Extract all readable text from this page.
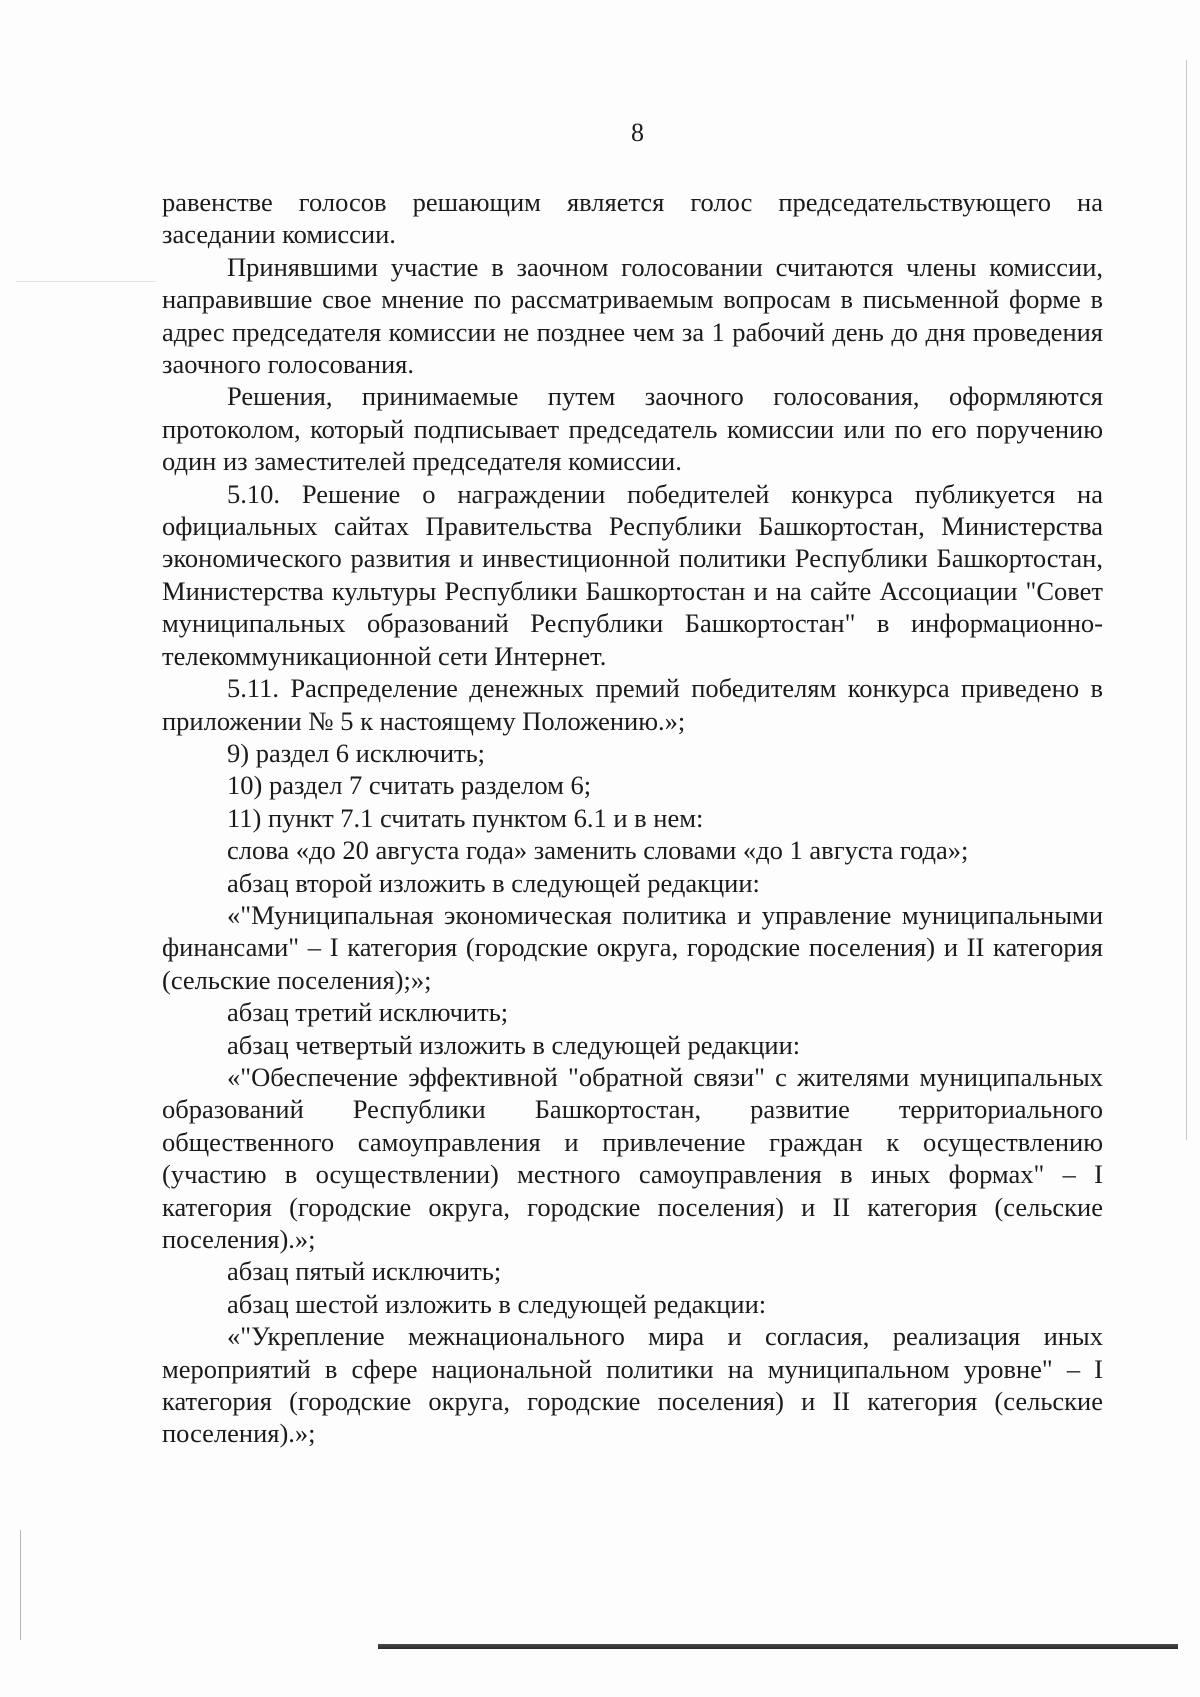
8

равенстве голосов решающим является голос председательствующего на заседании комиссии.

Принявшими участие в заочном голосовании считаются члены комиссии, направившие свое мнение по рассматриваемым вопросам в письменной форме в адрес председателя комиссии не позднее чем за 1 рабочий день до дня проведения заочного голосования.

Решения, принимаемые путем заочного голосования, оформляются протоколом, который подписывает председатель комиссии или по его поручению один из заместителей председателя комиссии.

5.10. Решение о награждении победителей конкурса публикуется на официальных сайтах Правительства Республики Башкортостан, Министерства экономического развития и инвестиционной политики Республики Башкортостан, Министерства культуры Республики Башкортостан и на сайте Ассоциации "Совет муниципальных образований Республики Башкортостан" в информационно-телекоммуникационной сети Интернет.

5.11. Распределение денежных премий победителям конкурса приведено в приложении № 5 к настоящему Положению.»;

9) раздел 6 исключить;

10) раздел 7 считать разделом 6;

11) пункт 7.1 считать пунктом 6.1 и в нем:

слова «до 20 августа года» заменить словами «до 1 августа года»;

абзац второй изложить в следующей редакции:

«"Муниципальная экономическая политика и управление муниципальными финансами" – I категория (городские округа, городские поселения) и II категория (сельские поселения);»;

абзац третий исключить;

абзац четвертый изложить в следующей редакции:

«"Обеспечение эффективной "обратной связи" с жителями муниципальных образований Республики Башкортостан, развитие территориального общественного самоуправления и привлечение граждан к осуществлению (участию в осуществлении) местного самоуправления в иных формах" – I категория (городские округа, городские поселения) и II категория (сельские поселения).»;

абзац пятый исключить;

абзац шестой изложить в следующей редакции:

«"Укрепление межнационального мира и согласия, реализация иных мероприятий в сфере национальной политики на муниципальном уровне" – I категория (городские округа, городские поселения) и II категория (сельские поселения).»;
